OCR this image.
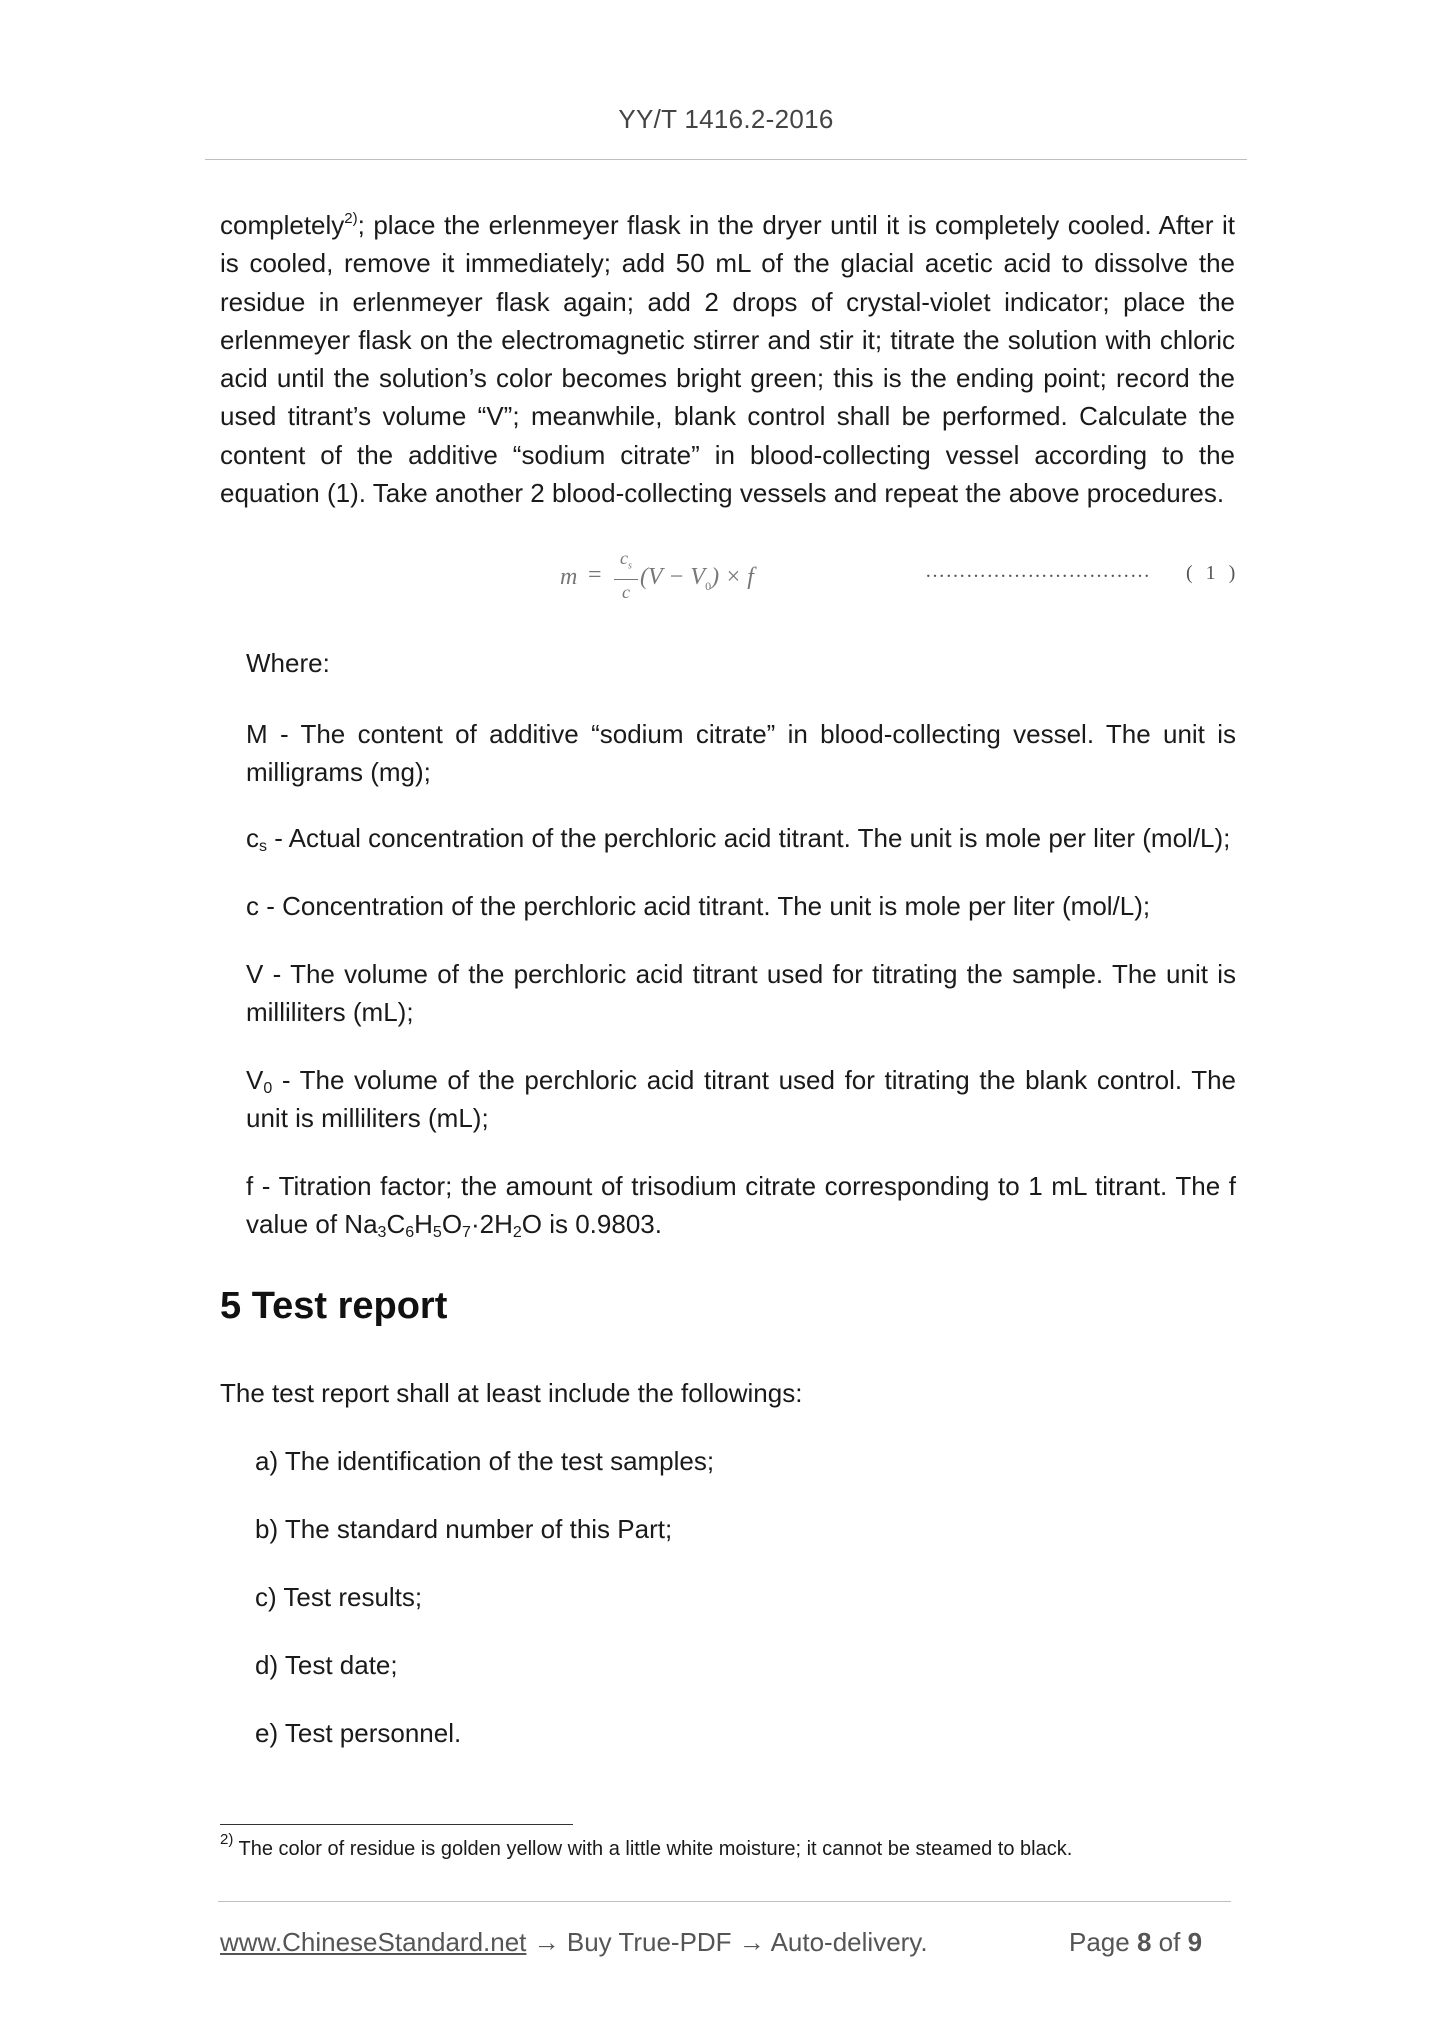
YY/T 1416.2-2016
completely$^{2)}$; place the erlenmeyer flask in the dryer until it is completely cooled. After it is cooled, remove it immediately; add 50 mL of the glacial acetic acid to dissolve the residue in erlenmeyer flask again; add 2 drops of crystal-violet indicator; place the erlenmeyer flask on the electromagnetic stirrer and stir it; titrate the solution with chloric acid until the solution’s color becomes bright green; this is the ending point; record the used titrant’s volume “V”; meanwhile, blank control shall be performed. Calculate the content of the additive “sodium citrate” in blood-collecting vessel according to the equation (1). Take another 2 blood-collecting vessels and repeat the above procedures.
m =
$c_s$
c
$(V - V_0) \times f$	…………………………… ( 1 )
Where:
M - The content of additive “sodium citrate” in blood-collecting vessel. The unit is milligrams (mg);
$c_s$ - Actual concentration of the perchloric acid titrant. The unit is mole per liter (mol/L);
c - Concentration of the perchloric acid titrant. The unit is mole per liter (mol/L);
V - The volume of the perchloric acid titrant used for titrating the sample. The unit is milliliters (mL);
$V_0$ - The volume of the perchloric acid titrant used for titrating the blank control. The unit is milliliters (mL);
f - Titration factor; the amount of trisodium citrate corresponding to 1 mL titrant. The f value of $Na_3C_6H_5O_7\cdot 2H_2O$ is 0.9803.
5 Test report
The test report shall at least include the followings:
a) The identification of the test samples;
b) The standard number of this Part;
c) Test results;
d) Test date;
e) Test personnel.
$^{2)}$ The color of residue is golden yellow with a little white moisture; it cannot be steamed to black.
www.ChineseStandard.net → Buy True-PDF → Auto-delivery.	Page 8 of 9
